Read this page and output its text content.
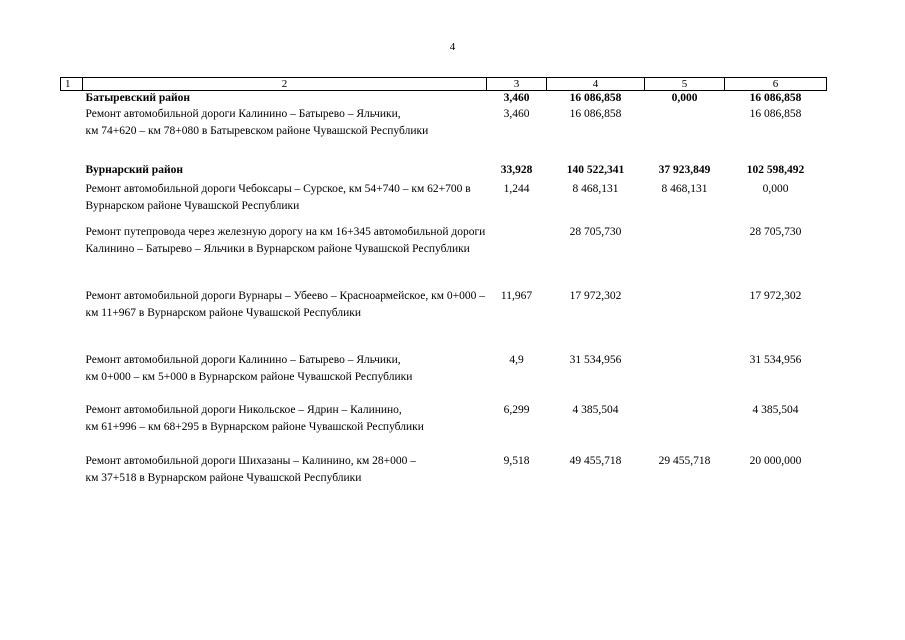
4
1	2	3	4	5	6
	Батыревский район	3,460	16 086,858	0,000	16 086,858

	Ремонт автомобильной дороги Калинино – Батырево – Яльчики,
км 74+620 – км 78+080 в Батыревском районе Чувашской Республики	3,460	16 086,858		16 086,858
	Вурнарский район	33,928	140 522,341	37 923,849	102 598,492
	Ремонт автомобильной дороги Чебоксары – Сурское, км 54+740 – км 62+700 в Вурнарском районе Чувашской Республики	1,244	8 468,131	8 468,131	0,000
	Ремонт путепровода через железную дорогу на км 16+345 автомобильной дороги Калинино – Батырево – Яльчики в Вурнарском районе Чувашской Республики		28 705,730		28 705,730
	Ремонт автомобильной дороги Вурнары – Убеево – Красноармейское, км 0+000 – км 11+967 в Вурнарском районе Чувашской Республики	11,967	17 972,302		17 972,302

	Ремонт автомобильной дороги Калинино – Батырево – Яльчики,
км 0+000 – км 5+000 в Вурнарском районе Чувашской Республики	4,9	31 534,956		31 534,956

	Ремонт автомобильной дороги Никольское – Ядрин – Калинино,
км 61+996 – км 68+295 в Вурнарском районе Чувашской Республики	6,299	4 385,504		4 385,504

	Ремонт автомобильной дороги Шихазаны – Калинино, км 28+000 –
км 37+518 в Вурнарском районе Чувашской Республики	9,518	49 455,718	29 455,718	20 000,000
